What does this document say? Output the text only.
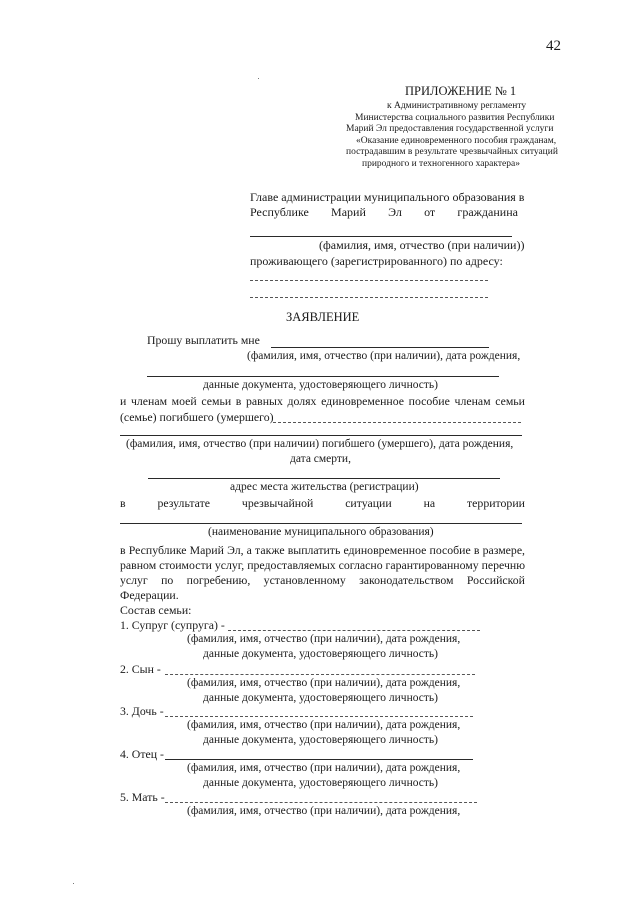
42
ПРИЛОЖЕНИЕ № 1
к Административному регламенту
Министерства социального развития Республики
Марий Эл предоставления государственной услуги
«Оказание единовременного пособия гражданам,
пострадавшим в результате чрезвычайных ситуаций
природного и техногенного характера»
Главе администрации муниципального образования в
Республике Марий Эл от гражданина
(фамилия, имя, отчество (при наличии))
проживающего (зарегистрированного) по адресу:
ЗАЯВЛЕНИЕ
Прошу выплатить мне
(фамилия, имя, отчество (при наличии), дата рождения,
данные документа, удостоверяющего личность)
и членам моей семьи в равных долях единовременное пособие членам семьи
(семье) погибшего (умершего)
(фамилия, имя, отчество (при наличии) погибшего (умершего), дата рождения,
дата смерти,
адрес места жительства (регистрации)
в	результате	чрезвычайной	ситуации	на	территории
(наименование муниципального образования)
в Республике Марий Эл, а также выплатить единовременное пособие в размере,
равном стоимости услуг, предоставляемых согласно гарантированному перечню
услуг по погребению, установленному законодательством Российской
Федерации.
Состав семьи:
1. Супруг (супруга) -
(фамилия, имя, отчество (при наличии), дата рождения,
данные документа, удостоверяющего личность)
2. Сын -
(фамилия, имя, отчество (при наличии), дата рождения,
данные документа, удостоверяющего личность)
3. Дочь -
(фамилия, имя, отчество (при наличии), дата рождения,
данные документа, удостоверяющего личность)
4. Отец -
(фамилия, имя, отчество (при наличии), дата рождения,
данные документа, удостоверяющего личность)
5. Мать -
(фамилия, имя, отчество (при наличии), дата рождения,
